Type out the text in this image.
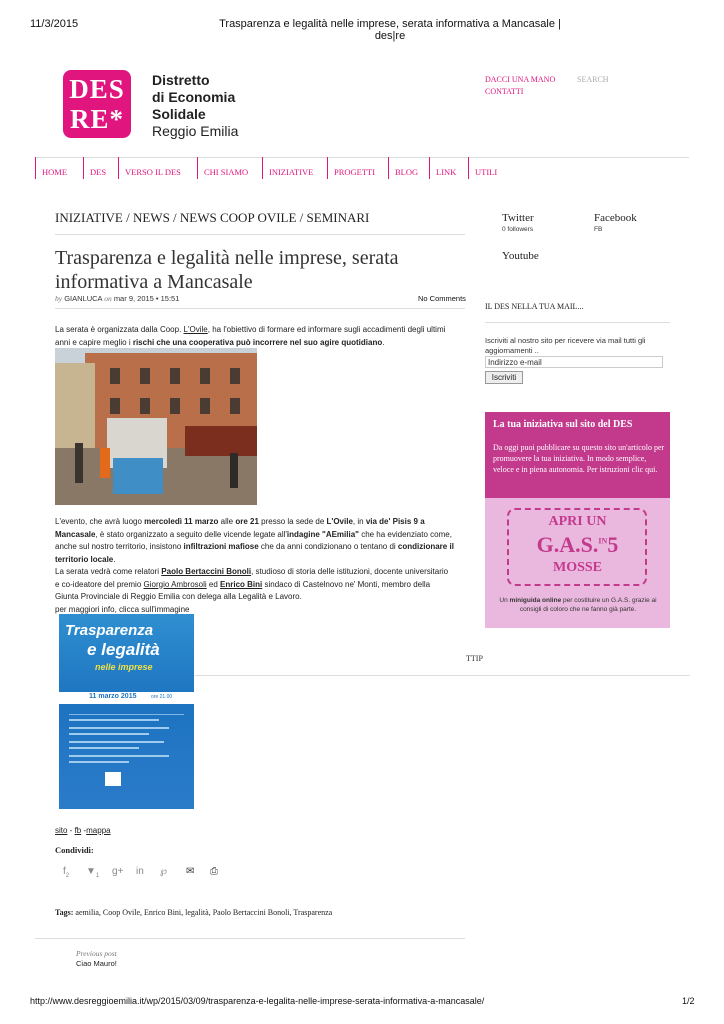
11/3/2015	Trasparenza e legalità nelle imprese, serata informativa a Mancasale | des|re
DES
RE*
Distretto
di Economia
Solidale
Reggio Emilia
DACCI UNA MANO
CONTATTI
SEARCH
HOME	DES	VERSO IL DES	CHI SIAMO	INIZIATIVE	PROGETTI	BLOG	LINK	UTILI
INIZIATIVE / NEWS / NEWS COOP OVILE / SEMINARI
Trasparenza e legalità nelle imprese, serata informativa a Mancasale
by GIANLUCA on mar 9, 2015 • 15:51	No Comments

La serata è organizzata dalla Coop. L'Ovile, ha l'obiettivo di formare ed informare sugli accadimenti degli ultimi

anni e capire meglio i rischi che una cooperativa può incorrere nel suo agire quotidiano.

L'evento, che avrà luogo mercoledì 11 marzo alle ore 21 presso la sede de L'Ovile, in via de' Pisis 9 a

Mancasale, è stato organizzato a seguito delle vicende legate all'indagine "AEmilia" che ha evidenziato come,

anche sul nostro territorio, insistono infiltrazioni mafiose che da anni condizionano o tentano di condizionare il

territorio locale.

La serata vedrà come relatori Paolo Bertaccini Bonoli, studioso di storia delle istituzioni, docente universitario

e co-ideatore del premio Giorgio Ambrosoli ed Enrico Bini sindaco di Castelnovo ne' Monti, membro della

Giunta Provinciale di Reggio Emilia con delega alla Legalità e Lavoro.

per maggiori info, clicca sull'immagine

Trasparenza
e legalità
nelle imprese
11 marzo 2015	ore 21.00
TTIP
sito - fb -mappa
Condividi:
$f_2$ $▼_1$ g+ in ℘ ✉ ⎙
Tags: aemilia, Coop Ovile, Enrico Bini, legalità, Paolo Bertaccini Bonoli, Trasparenza
Previous post
Ciao Mauro!
Twitter
0 followers
Facebook
FB
Youtube
IL DES NELLA TUA MAIL...
Iscriviti al nostro sito per ricevere via mail tutti gli aggiornamenti ..
Indirizzo e-mail
Iscriviti
La tua iniziativa sul sito del DES
Da oggi puoi pubblicare su questo sito un'articolo per promuovere la tua iniziativa. In modo semplice, veloce e in piena autonomia. Per istruzioni clic qui.
APRI UN
G.A.S.$^{IN}$5
MOSSE
Un miniguida online per costituire un G.A.S. grazie ai consigli di coloro che ne fanno già parte.
http://www.desreggioemilia.it/wp/2015/03/09/trasparenza-e-legalita-nelle-imprese-serata-informativa-a-mancasale/	1/2
